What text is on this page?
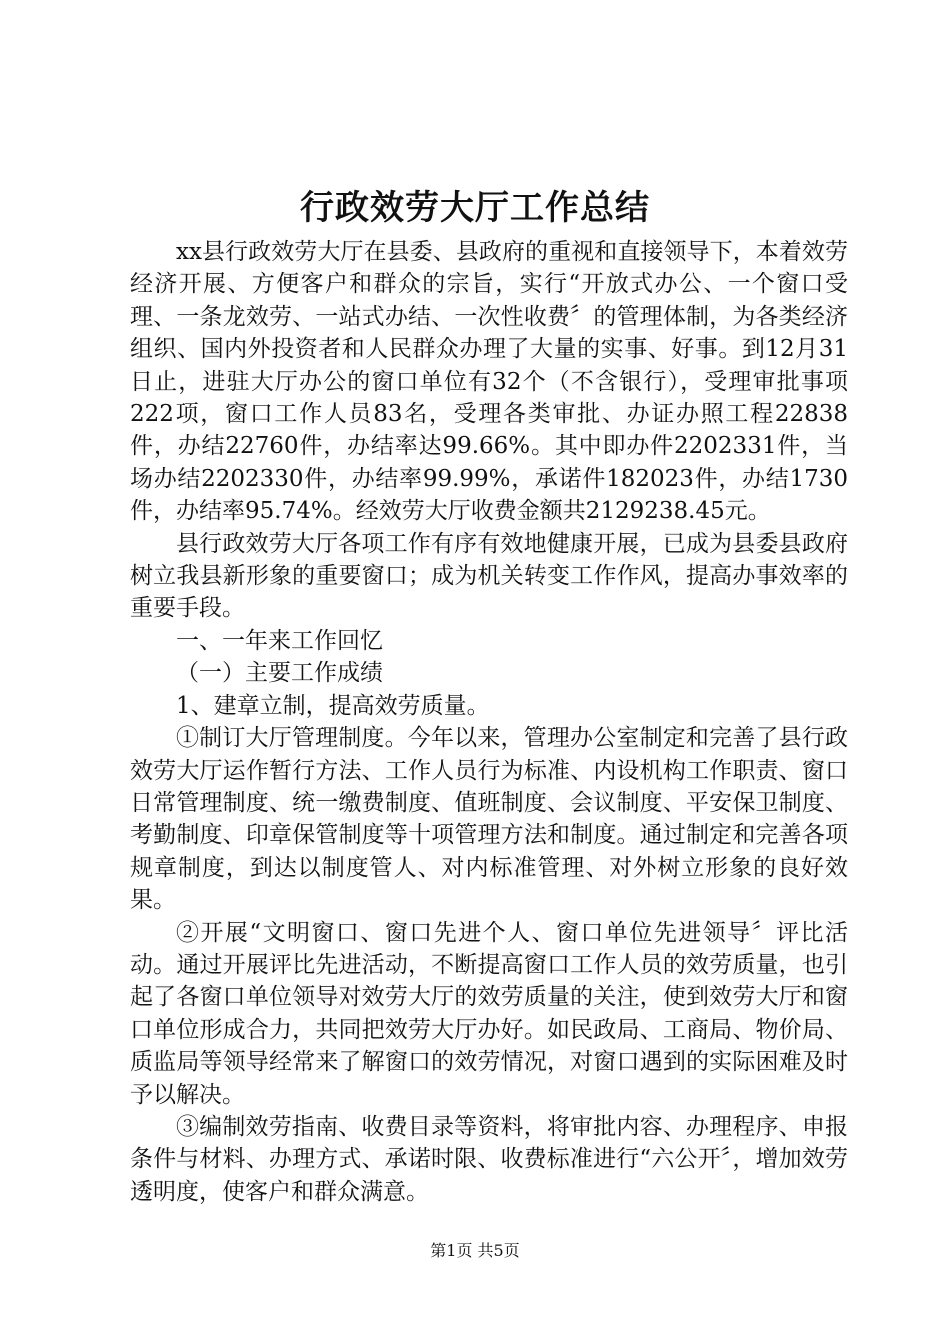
行政效劳大厅工作总结

xx县行政效劳大厅在县委、县政府的重视和直接领导下，本着效劳经济开展、方便客户和群众的宗旨，实行“开放式办公、一个窗口受理、一条龙效劳、一站式办结、一次性收费〞的管理体制，为各类经济组织、国内外投资者和人民群众办理了大量的实事、好事。到12月31日止，进驻大厅办公的窗口单位有32个（不含银行），受理审批事项222项，窗口工作人员83名，受理各类审批、办证办照工程22838件，办结22760件，办结率达99.66%。其中即办件2202331件，当场办结2202330件，办结率99.99%，承诺件182023件，办结1730件，办结率95.74%。经效劳大厅收费金额共2129238.45元。

县行政效劳大厅各项工作有序有效地健康开展，已成为县委县政府树立我县新形象的重要窗口；成为机关转变工作作风，提高办事效率的重要手段。

一、一年来工作回忆

（一）主要工作成绩

1、建章立制，提高效劳质量。

①制订大厅管理制度。今年以来，管理办公室制定和完善了县行政效劳大厅运作暂行方法、工作人员行为标准、内设机构工作职责、窗口日常管理制度、统一缴费制度、值班制度、会议制度、平安保卫制度、考勤制度、印章保管制度等十项管理方法和制度。通过制定和完善各项规章制度，到达以制度管人、对内标准管理、对外树立形象的良好效果。

②开展“文明窗口、窗口先进个人、窗口单位先进领导〞评比活动。通过开展评比先进活动，不断提高窗口工作人员的效劳质量，也引起了各窗口单位领导对效劳大厅的效劳质量的关注，使到效劳大厅和窗口单位形成合力，共同把效劳大厅办好。如民政局、工商局、物价局、质监局等领导经常来了解窗口的效劳情况，对窗口遇到的实际困难及时予以解决。

③编制效劳指南、收费目录等资料，将审批内容、办理程序、申报条件与材料、办理方式、承诺时限、收费标准进行“六公开〞，增加效劳透明度，使客户和群众满意。

第1页 共5页
